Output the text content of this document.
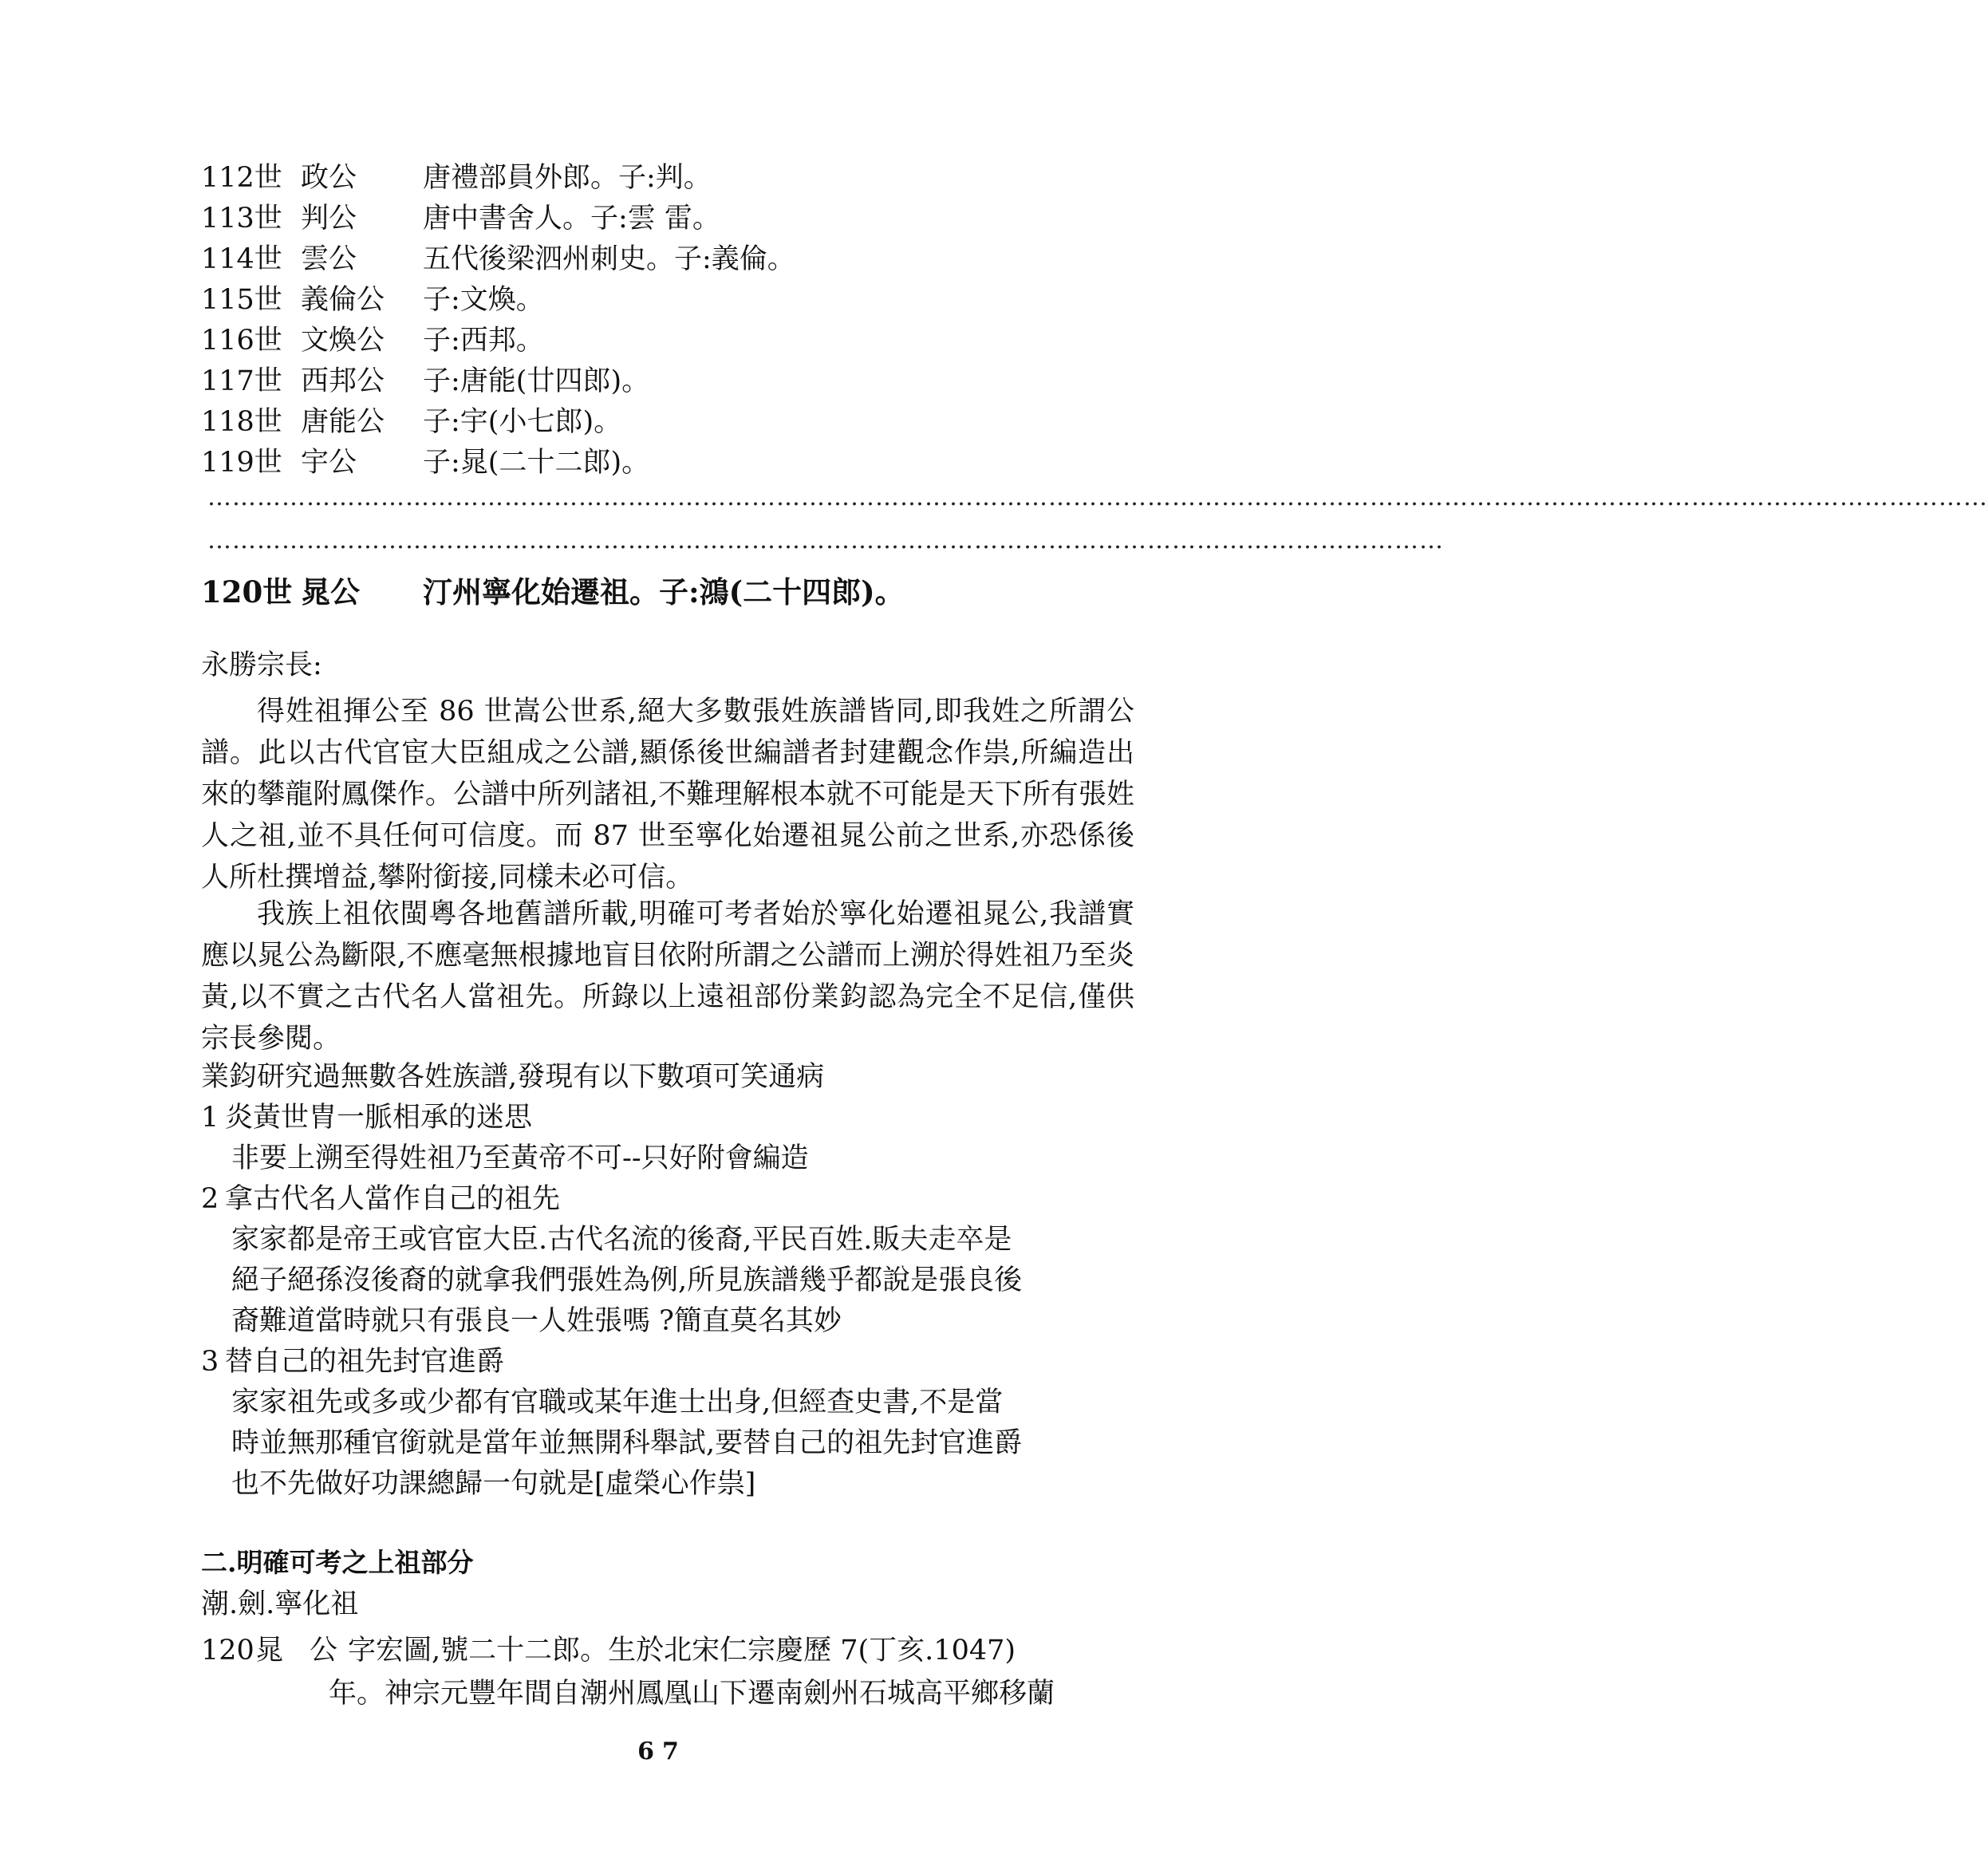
112世 政公 唐禮部員外郎。子:判。
113世 判公 唐中書舍人。子:雲 雷。
114世 雲公 五代後梁泗州刺史。子:義倫。
115世 義倫公 子:文煥。
116世 文煥公 子:西邦。
117世 西邦公 子:唐能(廿四郎)。
118世 唐能公 子:宇(小七郎)。
119世 宇公 子:晁(二十二郎)。
………………………………………………………………………………………………………………………………………………………………………………………………
……………………………………………………………………………………………………………………………………
120世 晁公 汀州寧化始遷祖。子:鴻(二十四郎)。
永勝宗長:

得姓祖揮公至 86 世嵩公世系,絕大多數張姓族譜皆同,即我姓之所謂公譜。此以古代官宦大臣組成之公譜,顯係後世編譜者封建觀念作祟,所編造出來的攀龍附鳳傑作。公譜中所列諸祖,不難理解根本就不可能是天下所有張姓人之祖,並不具任何可信度。而 87 世至寧化始遷祖晁公前之世系,亦恐係後人所杜撰增益,攀附銜接,同樣未必可信。

我族上祖依閩粵各地舊譜所載,明確可考者始於寧化始遷祖晁公,我譜實應以晁公為斷限,不應毫無根據地盲目依附所謂之公譜而上溯於得姓祖乃至炎黃,以不實之古代名人當祖先。所錄以上遠祖部份業鈞認為完全不足信,僅供宗長參閱。

業鈞研究過無數各姓族譜,發現有以下數項可笑通病

1 炎黃世胄一脈相承的迷思

非要上溯至得姓祖乃至黃帝不可--只好附會編造

2 拿古代名人當作自己的祖先

家家都是帝王或官宦大臣.古代名流的後裔,平民百姓.販夫走卒是

絕子絕孫沒後裔的就拿我們張姓為例,所見族譜幾乎都說是張良後

裔難道當時就只有張良一人姓張嗎 ?簡直莫名其妙

3 替自己的祖先封官進爵

家家祖先或多或少都有官職或某年進士出身,但經查史書,不是當

時並無那種官銜就是當年並無開科舉試,要替自己的祖先封官進爵

也不先做好功課總歸一句就是[虛榮心作祟]

二.明確可考之上祖部分
潮.劍.寧化祖
120晁 公 字宏圖,號二十二郎。生於北宋仁宗慶歷 7(丁亥.1047)
年。神宗元豐年間自潮州鳳凰山下遷南劍州石城高平鄉移蘭
67
